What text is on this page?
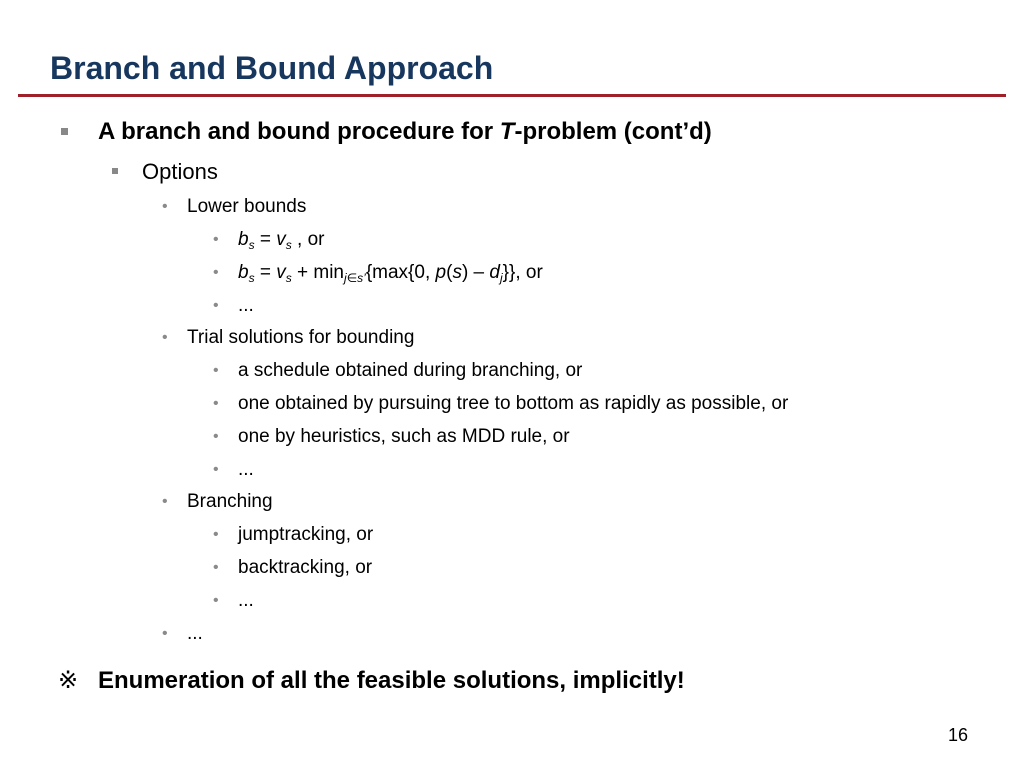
Branch and Bound Approach
A branch and bound procedure for T-problem (cont’d)
Options
• Lower bounds
• $b_s = v_s$ , or
• $b_s = v_s + \min_{j\in s’}\{\max\{0$, $p(s) - d_j$}}, or
• ...
• Trial solutions for bounding
• a schedule obtained during branching, or
• one obtained by pursuing tree to bottom as rapidly as possible, or
• one by heuristics, such as MDD rule, or
• ...
• Branching
• jumptracking, or
• backtracking, or
• ...
• ...
※ Enumeration of all the feasible solutions, implicitly!
16
